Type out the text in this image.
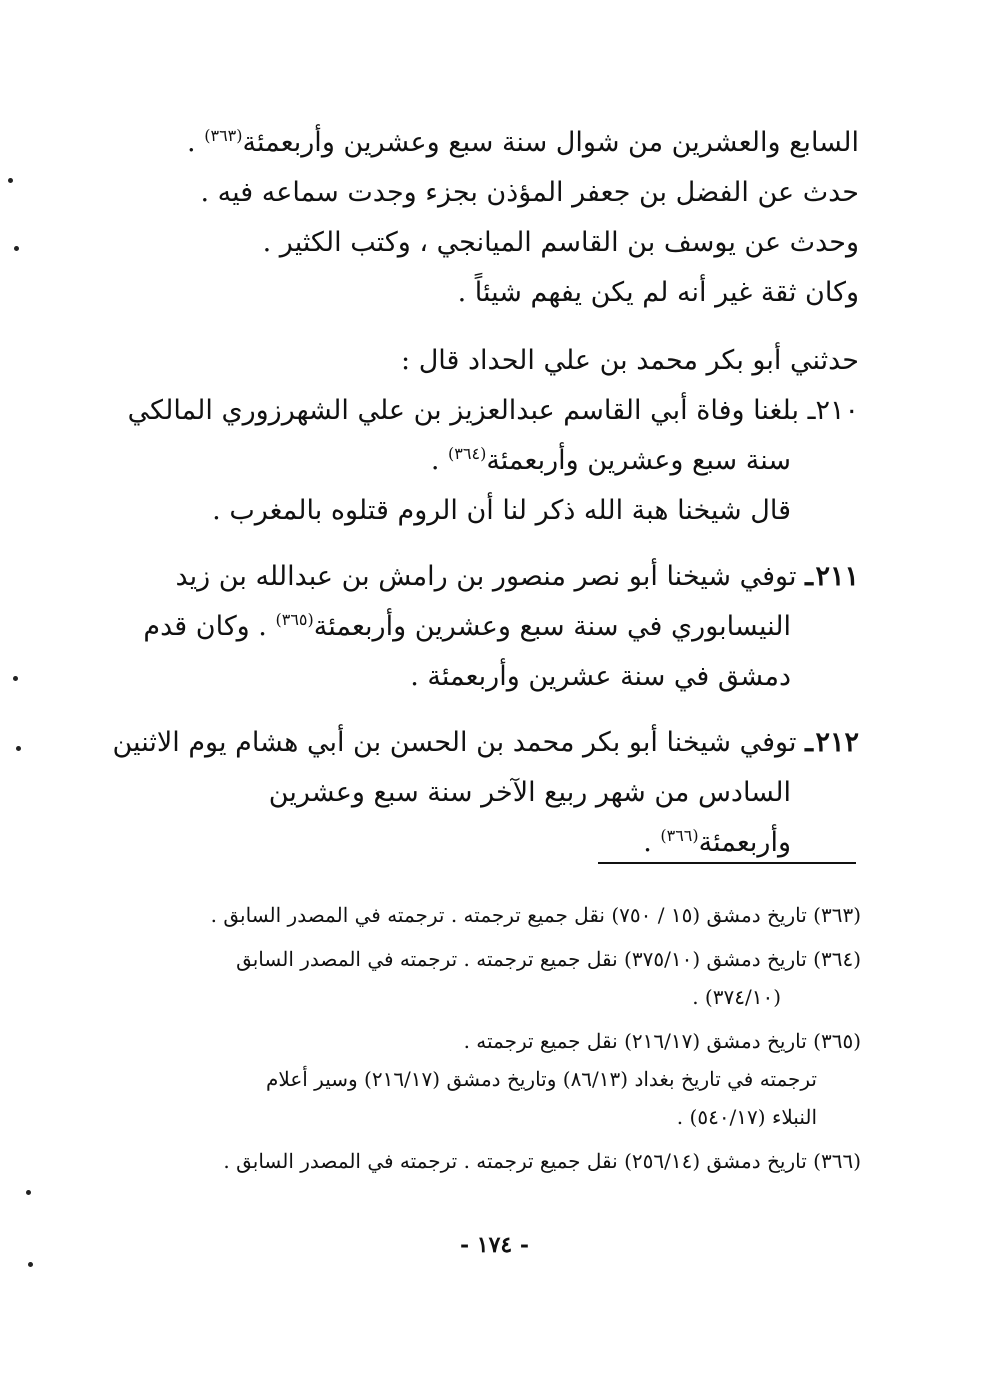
السابع والعشرين من شوال سنة سبع وعشرين وأربعمئة$^{(٣٦٣)}$ .
حدث عن الفضل بن جعفر المؤذن بجزء وجدت سماعه فيه .
وحدث عن يوسف بن القاسم الميانجي ، وكتب الكثير .
وكان ثقة غير أنه لم يكن يفهم شيئاً .
حدثني أبو بكر محمد بن علي الحداد قال :
٢١٠ـ بلغنا وفاة أبي القاسم عبدالعزيز بن علي الشهرزوري المالكي
سنة سبع وعشرين وأربعمئة$^{(٣٦٤)}$ .
قال شيخنا هبة الله ذكر لنا أن الروم قتلوه بالمغرب .
٢١١ـ توفي شيخنا أبو نصر منصور بن رامش بن عبدالله بن زيد
النيسابوري في سنة سبع وعشرين وأربعمئة$^{(٣٦٥)}$ . وكان قدم
دمشق في سنة عشرين وأربعمئة .
٢١٢ـ توفي شيخنا أبو بكر محمد بن الحسن بن أبي هشام يوم الاثنين
السادس من شهر ربيع الآخر سنة سبع وعشرين
وأربعمئة$^{(٣٦٦)}$ .
(٣٦٣) تاريخ دمشق (١٥ / ٧٥٠) نقل جميع ترجمته . ترجمته في المصدر السابق .
(٣٦٤) تاريخ دمشق (٣٧٥/١٠) نقل جميع ترجمته . ترجمته في المصدر السابق
(٣٧٤/١٠) .
(٣٦٥) تاريخ دمشق (٢١٦/١٧) نقل جميع ترجمته .
ترجمته في تاريخ بغداد (٨٦/١٣) وتاريخ دمشق (٢١٦/١٧) وسير أعلام
النبلاء (٥٤٠/١٧) .
(٣٦٦) تاريخ دمشق (٢٥٦/١٤) نقل جميع ترجمته . ترجمته في المصدر السابق .
- ١٧٤ -
